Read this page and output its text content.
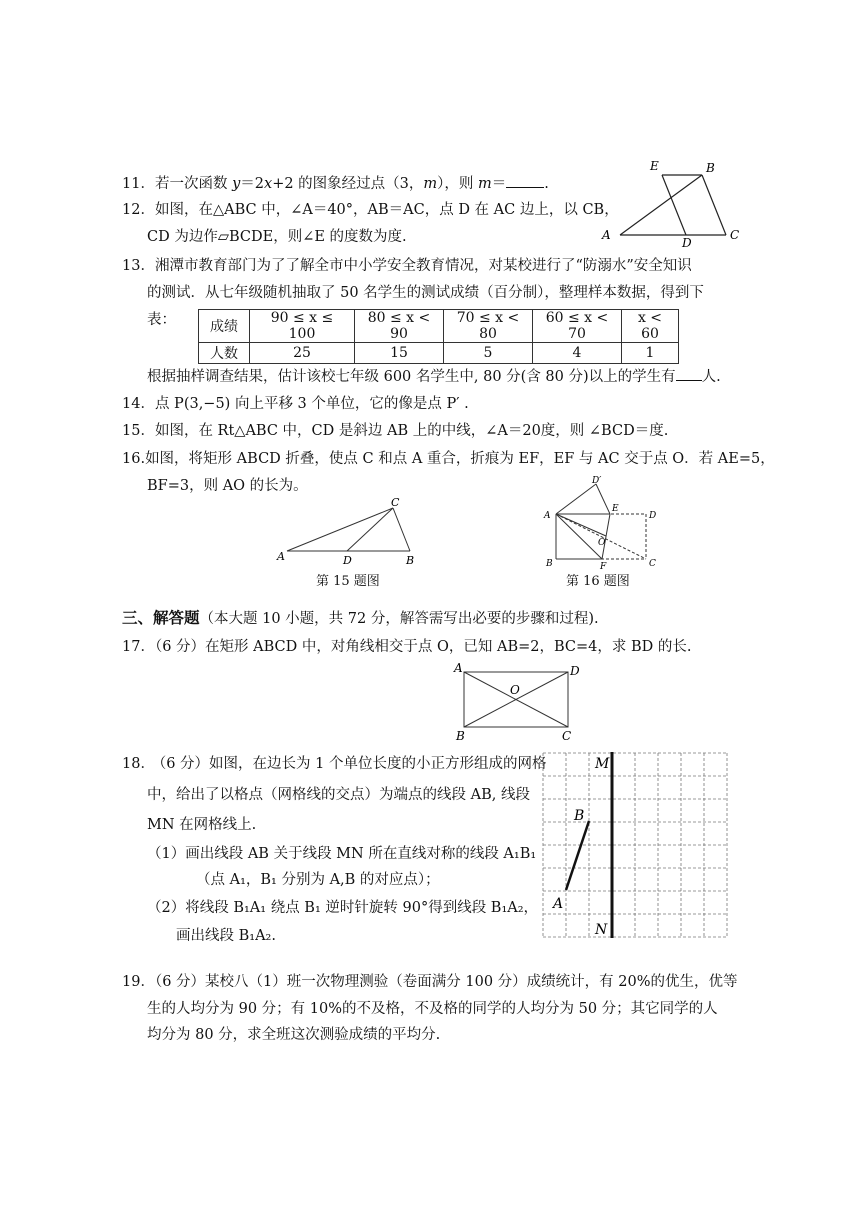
11．若一次函数 y＝2x+2 的图象经过点（3，m），则 m＝	.
12．如图，在△ABC 中，∠A＝40°，AB＝AC，点 D 在 AC 边上，以 CB，
CD 为边作▱BCDE，则∠E 的度数为度.
E	B
A
D
C
13．湘潭市教育部门为了了解全市中小学安全教育情况，对某校进行了“防溺水”安全知识
的测试．从七年级随机抽取了 50 名学生的测试成绩（百分制），整理样本数据，得到下
表： 成绩	90 ≤ x ≤ 100	80 ≤ x < 90	70 ≤ x < 80	60 ≤ x < 70	x < 60
人数	25	15	5	4	1
根据抽样调查结果，估计该校七年级 600 名学生中, 80 分(含 80 分)以上的学生有 人.
14．点 P(3,−5) 向上平移 3 个单位，它的像是点 P′ .
15．如图，在 Rt△ABC 中，CD 是斜边 AB 上的中线，∠A＝20度，则 ∠BCD＝度.
16.如图，将矩形 ABCD 折叠，使点 C 和点 A 重合，折痕为 EF，EF 与 AC 交于点 O．若 AE=5，
BF=3，则 AO 的长为。
A	D	B
C
第 15 题图
A
B	C
D
D′
E
F
O
第 16 题图
三、解答题（本大题 10 小题，共 72 分，解答需写出必要的步骤和过程).
17．（6 分）在矩形 ABCD 中，对角线相交于点 O，已知 AB=2，BC=4，求 BD 的长.
A	D
O
B	C
18． （6 分）如图，在边长为 1 个单位长度的小正方形组成的网格
中，给出了以格点（网格线的交点）为端点的线段 AB, 线段
MN 在网格线上.
（1）画出线段 AB 关于线段 MN 所在直线对称的线段 A₁B₁
（点 A₁，B₁ 分别为 A,B 的对应点）；
（2）将线段 B₁A₁ 绕点 B₁ 逆时针旋转 90°得到线段 B₁A₂，
画出线段 B₁A₂.
M
N
B
A
19．（6 分）某校八（1）班一次物理测验（卷面满分 100 分）成绩统计，有 20%的优生，优等
生的人均分为 90 分；有 10%的不及格，不及格的同学的人均分为 50 分；其它同学的人
均分为 80 分，求全班这次测验成绩的平均分.
